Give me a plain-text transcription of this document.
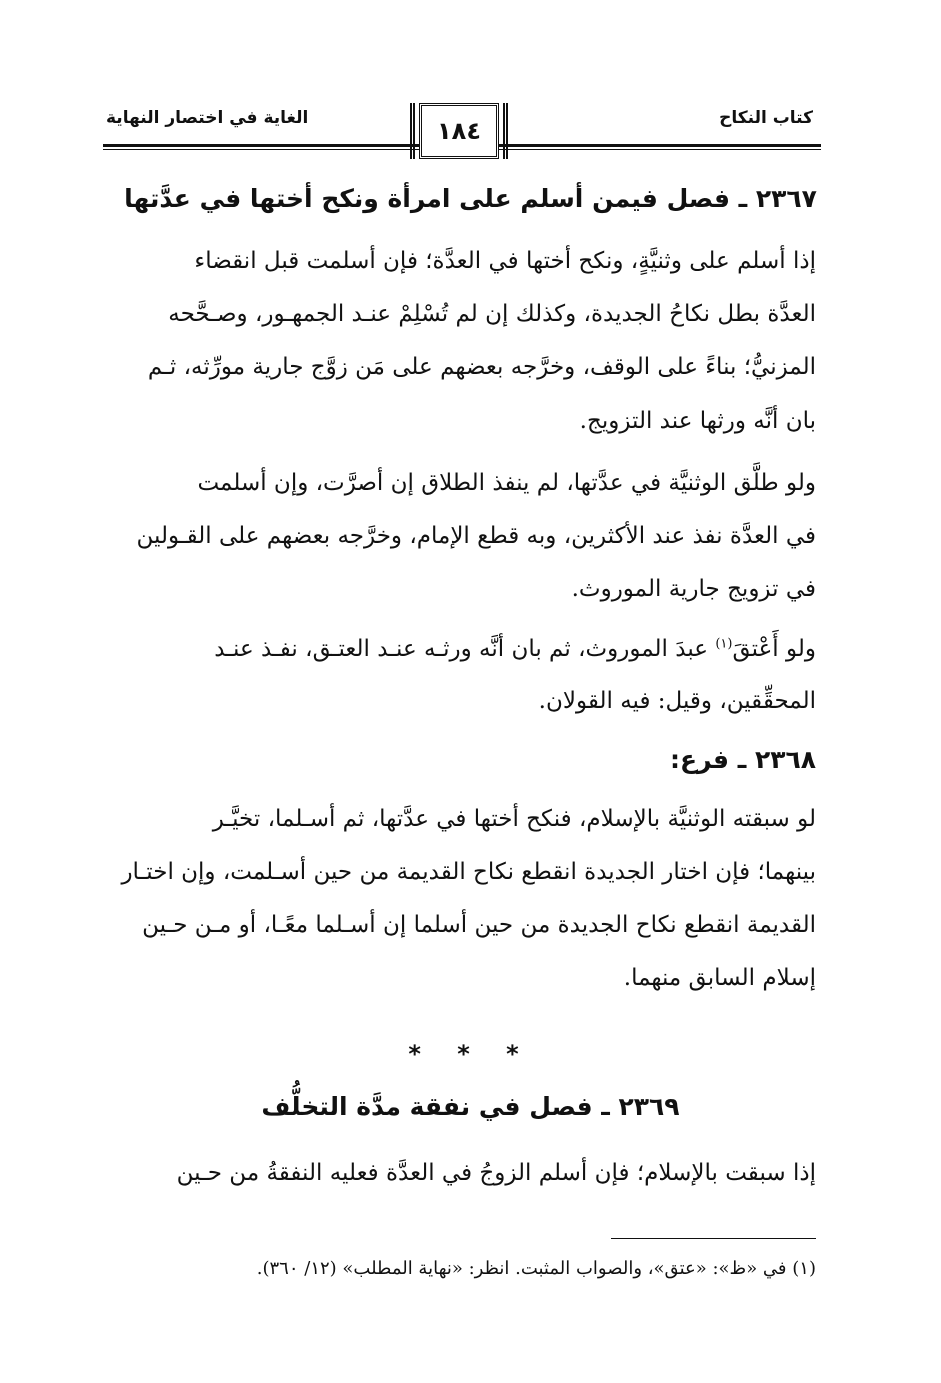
كتاب النكاح
الغاية في اختصار النهاية	١٨٤
٢٣٦٧ ـ فصل فيمن أسلم على امرأة ونكح أختها في عدَّتها
إذا أسلم على وثنيَّةٍ، ونكح أختها في العدَّة؛ فإن أسلمت قبل انقضاء
العدَّة بطل نكاحُ الجديدة، وكذلك إن لم تُسْلِمْ عنـد الجمهـور، وصـحَّحه
المزنيُّ؛ بناءً على الوقف، وخرَّجه بعضهم على مَن زوَّج جارية مورِّثه، ثـم
بان أنَّه ورثها عند التزويج.
ولو طلَّق الوثنيَّة في عدَّتها، لم ينفذ الطلاق إن أصرَّت، وإن أسلمت
في العدَّة نفذ عند الأكثرين، وبه قطع الإمام، وخرَّجه بعضهم على القـولين
في تزويج جارية الموروث.
ولو أَعْتقَ$^{(١)}$ عبدَ الموروث، ثم بان أنَّه ورثـه عنـد العتـق، نفـذ عنـد
المحقِّقين، وقيل: فيه القولان.
٢٣٦٨ ـ فرع:
لو سبقته الوثنيَّة بالإسلام، فنكح أختها في عدَّتها، ثم أسـلما، تخيَّـر
بينهما؛ فإن اختار الجديدة انقطع نكاح القديمة من حين أسـلمت، وإن اختـار
القديمة انقطع نكاح الجديدة من حين أسلما إن أسـلما معًـا، أو مـن حـين
إسلام السابق منهما.
* * *
٢٣٦٩ ـ فصل في نفقة مدَّة التخلُّف
إذا سبقت بالإسلام؛ فإن أسلم الزوجُ في العدَّة فعليه النفقةُ من حـين
(١) في «ظ»: «عتق»، والصواب المثبت. انظر: «نهاية المطلب» (١٢/ ٣٦٠).
